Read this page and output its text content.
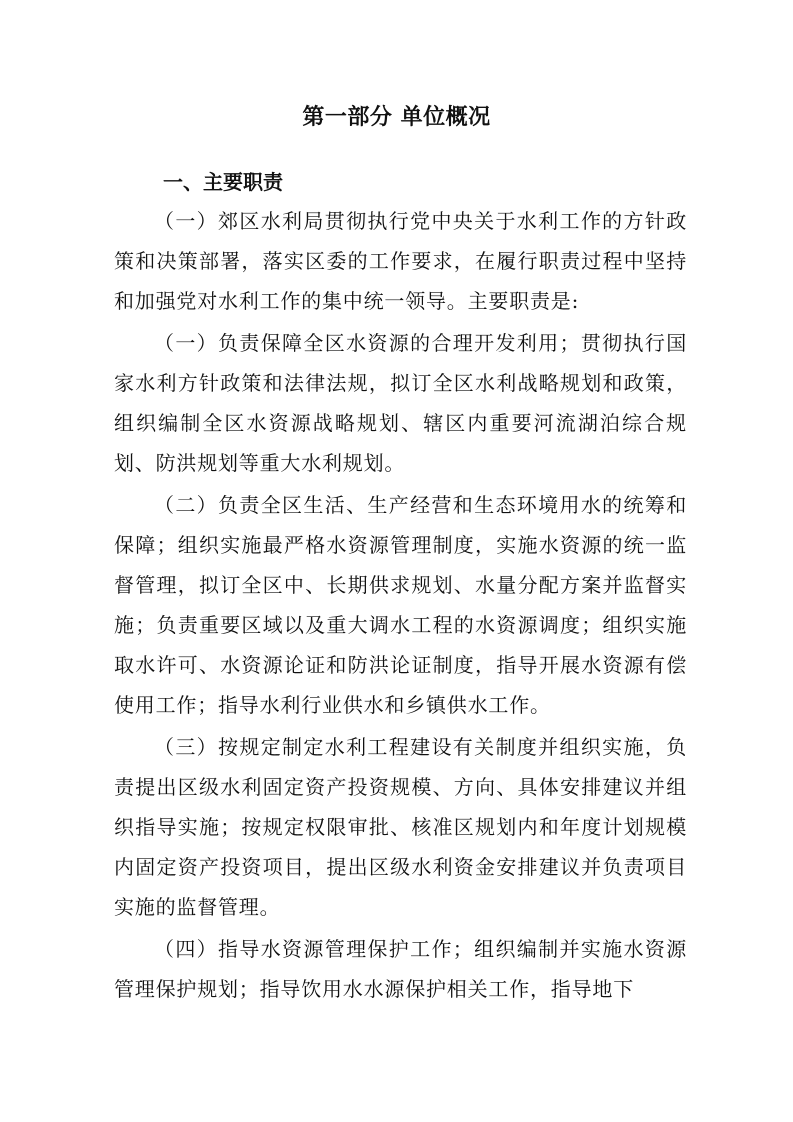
第一部分 单位概况
一、主要职责

（一）郊区水利局贯彻执行党中央关于水利工作的方针政策和决策部署，落实区委的工作要求，在履行职责过程中坚持和加强党对水利工作的集中统一领导。主要职责是:

（一）负责保障全区水资源的合理开发利用；贯彻执行国家水利方针政策和法律法规，拟订全区水利战略规划和政策，组织编制全区水资源战略规划、辖区内重要河流湖泊综合规划、防洪规划等重大水利规划。

（二）负责全区生活、生产经营和生态环境用水的统筹和保障；组织实施最严格水资源管理制度，实施水资源的统一监督管理，拟订全区中、长期供求规划、水量分配方案并监督实施；负责重要区域以及重大调水工程的水资源调度；组织实施取水许可、水资源论证和防洪论证制度，指导开展水资源有偿使用工作；指导水利行业供水和乡镇供水工作。

（三）按规定制定水利工程建设有关制度并组织实施，负责提出区级水利固定资产投资规模、方向、具体安排建议并组织指导实施；按规定权限审批、核准区规划内和年度计划规模内固定资产投资项目，提出区级水利资金安排建议并负责项目实施的监督管理。

（四）指导水资源管理保护工作；组织编制并实施水资源管理保护规划；指导饮用水水源保护相关工作，指导地下
